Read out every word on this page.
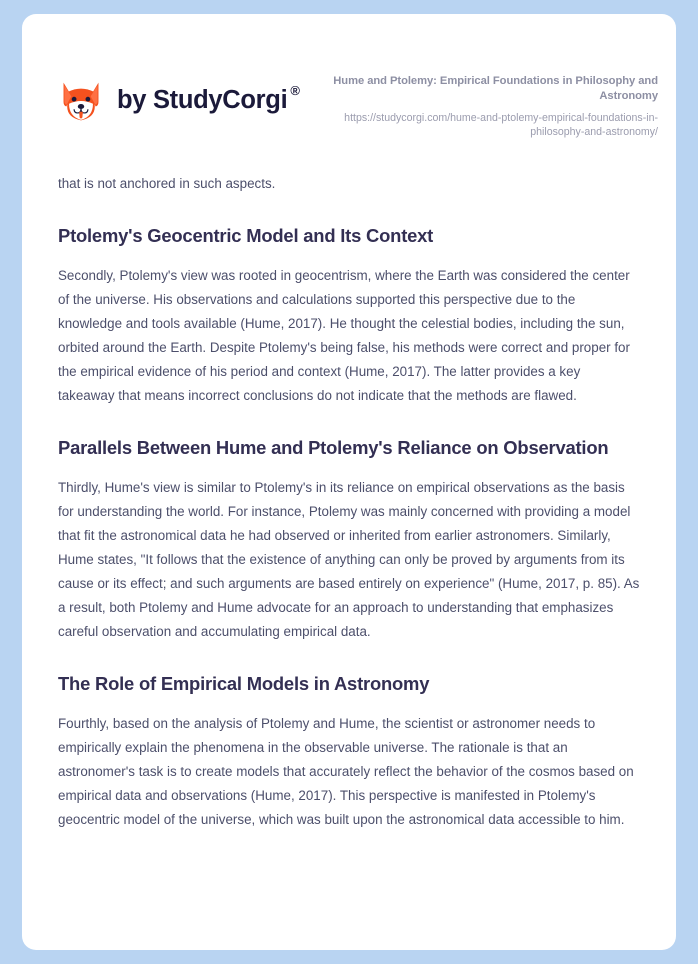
by StudyCorgi ®
Hume and Ptolemy: Empirical Foundations in Philosophy and Astronomy
https://studycorgi.com/hume-and-ptolemy-empirical-foundations-in-philosophy-and-astronomy/

that is not anchored in such aspects.

Ptolemy's Geocentric Model and Its Context

Secondly, Ptolemy's view was rooted in geocentrism, where the Earth was considered the center of the universe. His observations and calculations supported this perspective due to the knowledge and tools available (Hume, 2017). He thought the celestial bodies, including the sun, orbited around the Earth. Despite Ptolemy's being false, his methods were correct and proper for the empirical evidence of his period and context (Hume, 2017). The latter provides a key takeaway that means incorrect conclusions do not indicate that the methods are flawed.

Parallels Between Hume and Ptolemy's Reliance on Observation

Thirdly, Hume's view is similar to Ptolemy's in its reliance on empirical observations as the basis for understanding the world. For instance, Ptolemy was mainly concerned with providing a model that fit the astronomical data he had observed or inherited from earlier astronomers. Similarly, Hume states, "It follows that the existence of anything can only be proved by arguments from its cause or its effect; and such arguments are based entirely on experience" (Hume, 2017, p. 85). As a result, both Ptolemy and Hume advocate for an approach to understanding that emphasizes careful observation and accumulating empirical data.

The Role of Empirical Models in Astronomy

Fourthly, based on the analysis of Ptolemy and Hume, the scientist or astronomer needs to empirically explain the phenomena in the observable universe. The rationale is that an astronomer's task is to create models that accurately reflect the behavior of the cosmos based on empirical data and observations (Hume, 2017). This perspective is manifested in Ptolemy's geocentric model of the universe, which was built upon the astronomical data accessible to him.
